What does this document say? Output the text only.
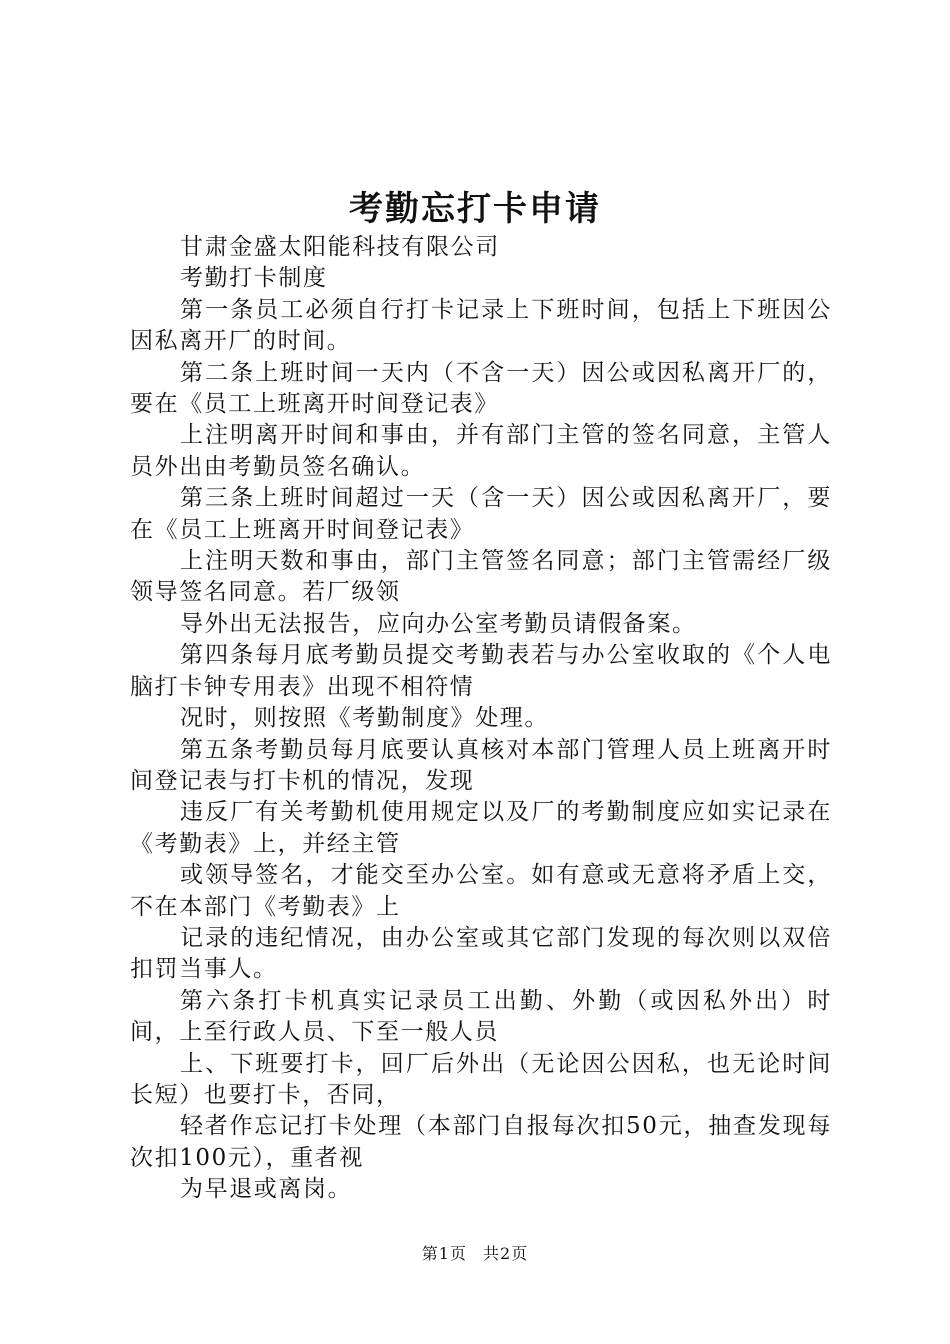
考勤忘打卡申请

甘肃金盛太阳能科技有限公司

考勤打卡制度

第一条员工必须自行打卡记录上下班时间，包括上下班因公因私离开厂的时间。

第二条上班时间一天内（不含一天）因公或因私离开厂的，要在《员工上班离开时间登记表》

上注明离开时间和事由，并有部门主管的签名同意，主管人员外出由考勤员签名确认。

第三条上班时间超过一天（含一天）因公或因私离开厂，要在《员工上班离开时间登记表》

上注明天数和事由，部门主管签名同意；部门主管需经厂级领导签名同意。若厂级领

导外出无法报告，应向办公室考勤员请假备案。

第四条每月底考勤员提交考勤表若与办公室收取的《个人电脑打卡钟专用表》出现不相符情

况时，则按照《考勤制度》处理。

第五条考勤员每月底要认真核对本部门管理人员上班离开时间登记表与打卡机的情况，发现

违反厂有关考勤机使用规定以及厂的考勤制度应如实记录在《考勤表》上，并经主管

或领导签名，才能交至办公室。如有意或无意将矛盾上交，不在本部门《考勤表》上

记录的违纪情况，由办公室或其它部门发现的每次则以双倍扣罚当事人。

第六条打卡机真实记录员工出勤、外勤（或因私外出）时间，上至行政人员、下至一般人员

上、下班要打卡，回厂后外出（无论因公因私，也无论时间长短）也要打卡，否同，

轻者作忘记打卡处理（本部门自报每次扣50元，抽查发现每次扣100元），重者视

为早退或离岗。

第1页 共2页
